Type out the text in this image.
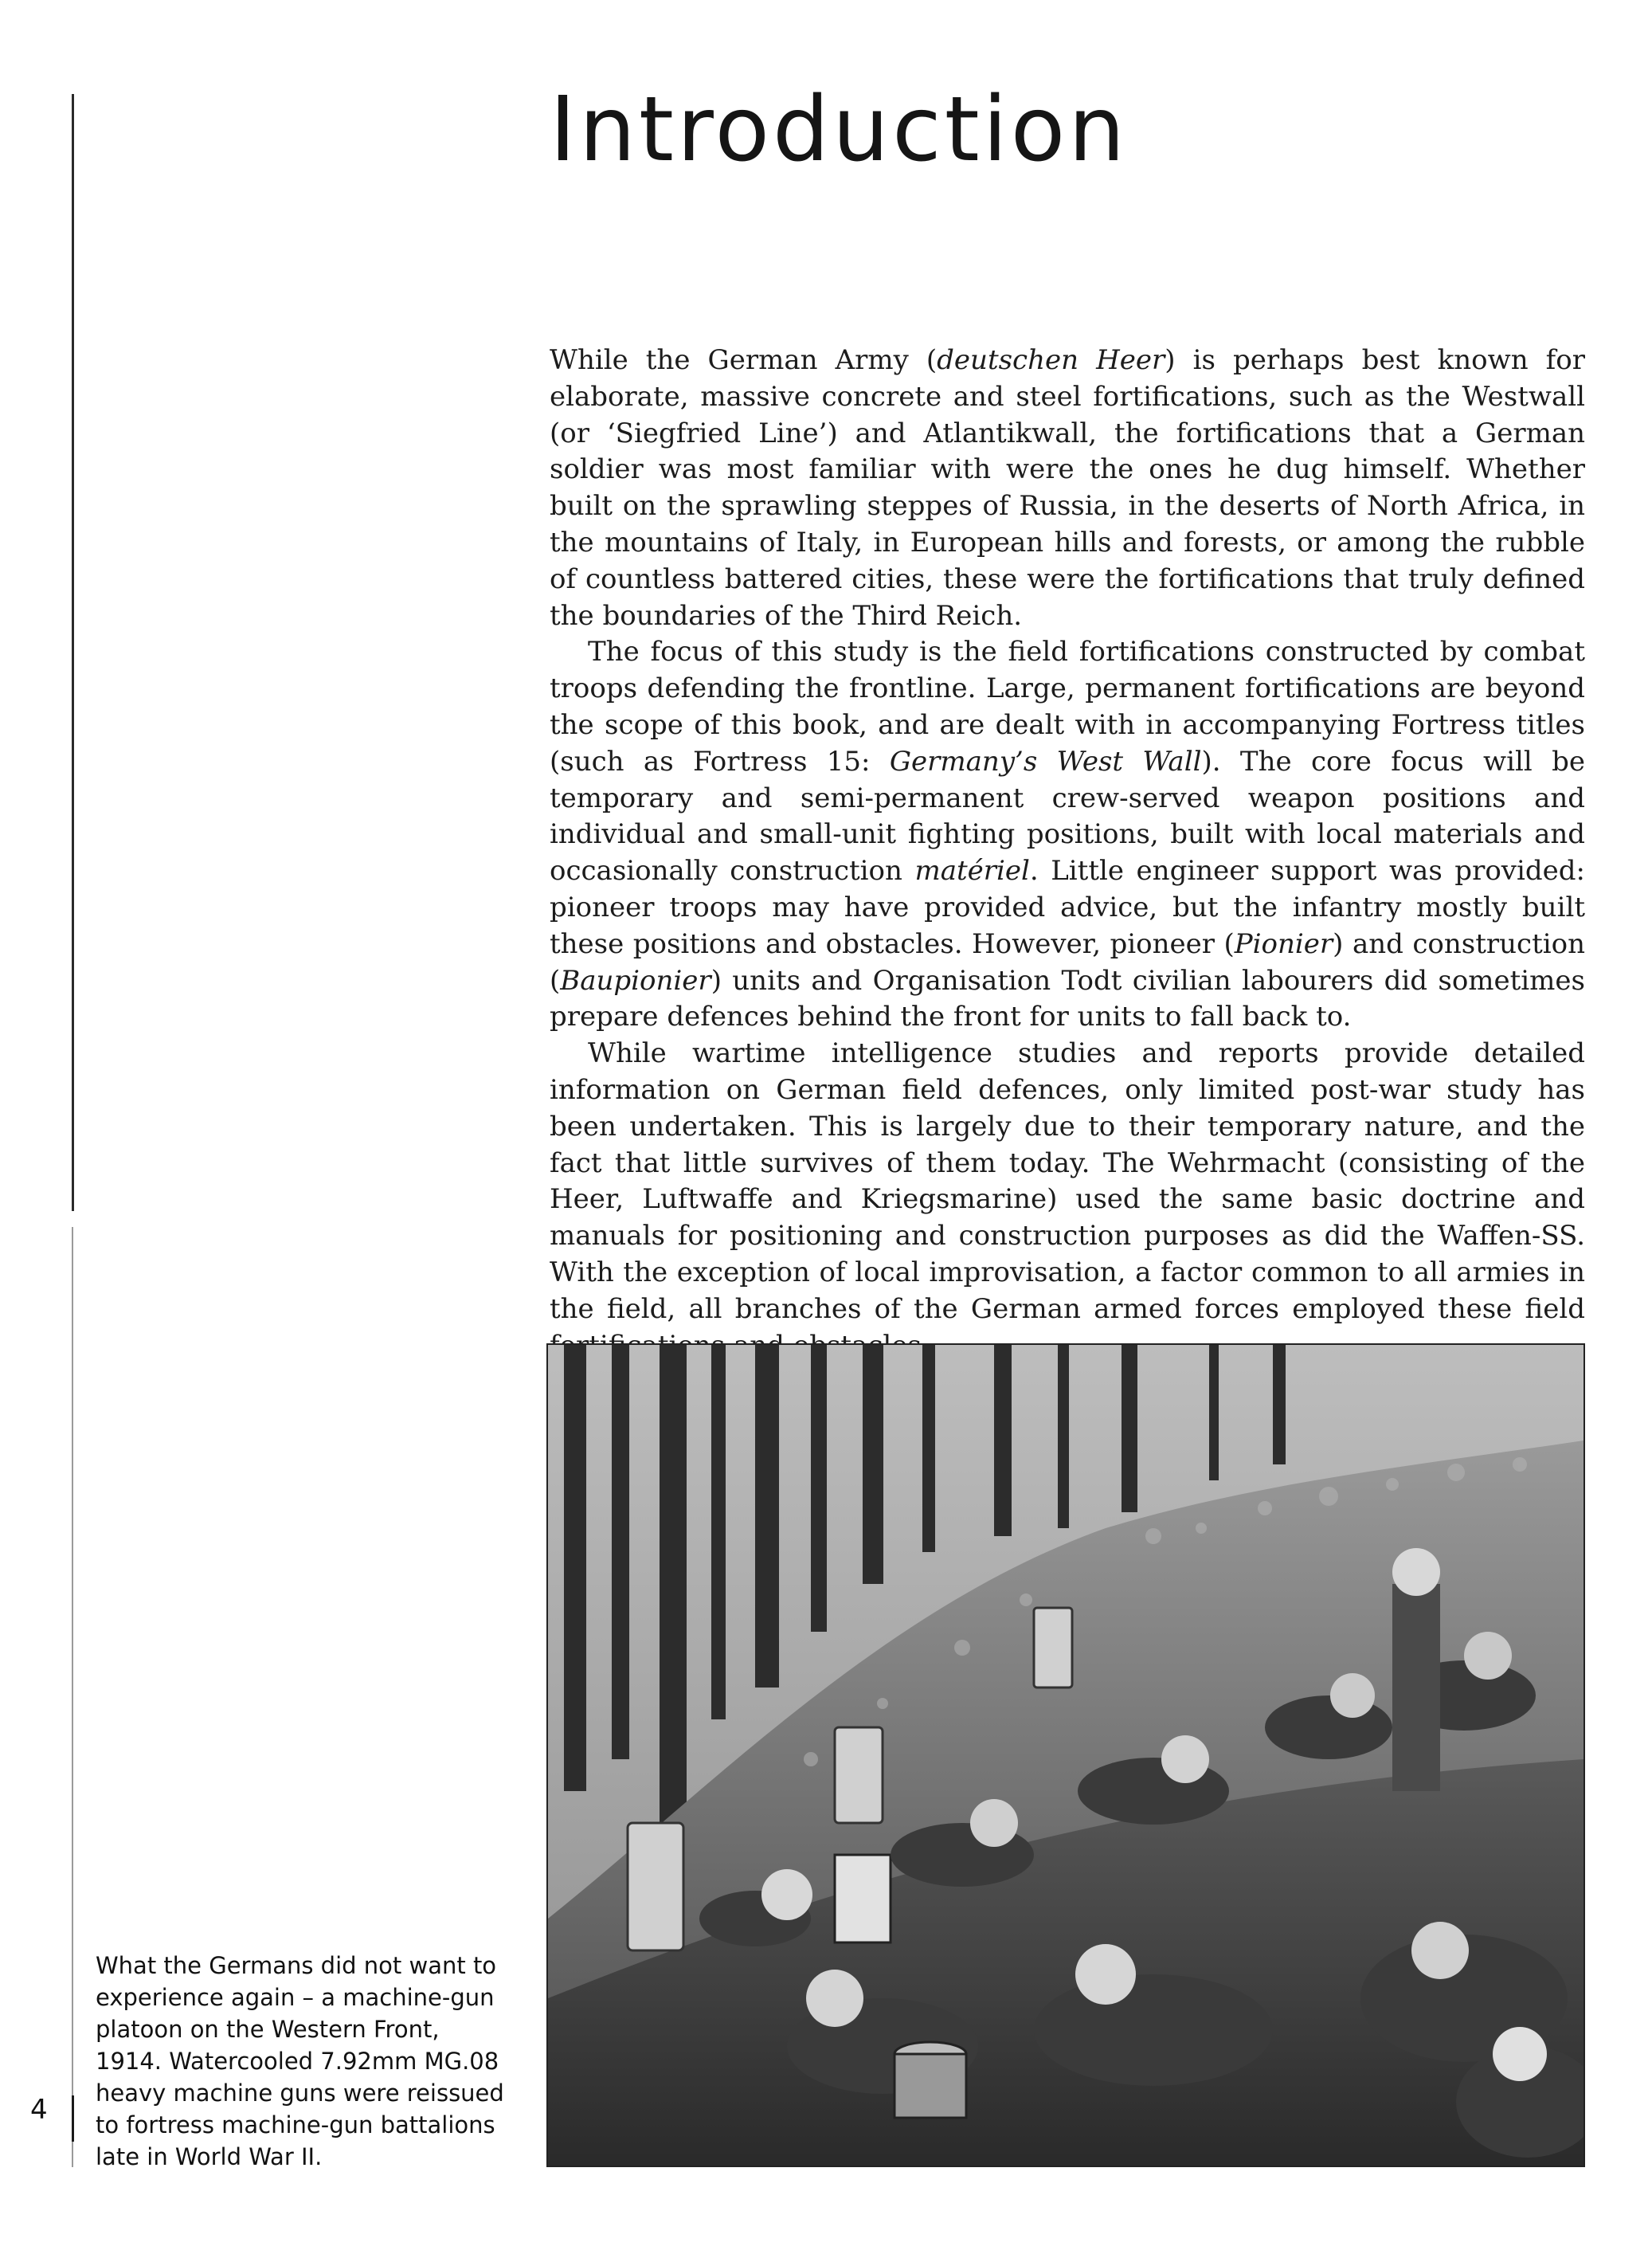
4
Introduction

While the German Army (deutschen Heer) is perhaps best known for elaborate, massive concrete and steel fortifications, such as the Westwall (or ‘Siegfried Line’) and Atlantikwall, the fortifications that a German soldier was most familiar with were the ones he dug himself. Whether built on the sprawling steppes of Russia, in the deserts of North Africa, in the mountains of Italy, in European hills and forests, or among the rubble of countless battered cities, these were the fortifications that truly defined the boundaries of the Third Reich.

The focus of this study is the field fortifications constructed by combat troops defending the frontline. Large, permanent fortifications are beyond the scope of this book, and are dealt with in accompanying Fortress titles (such as Fortress 15: Germany’s West Wall). The core focus will be temporary and semi-permanent crew-served weapon positions and individual and small-unit fighting positions, built with local materials and occasionally construction matériel. Little engineer support was provided: pioneer troops may have provided advice, but the infantry mostly built these positions and obstacles. However, pioneer (Pionier) and construction (Baupionier) units and Organisation Todt civilian labourers did sometimes prepare defences behind the front for units to fall back to.

While wartime intelligence studies and reports provide detailed information on German field defences, only limited post-war study has been undertaken. This is largely due to their temporary nature, and the fact that little survives of them today. The Wehrmacht (consisting of the Heer, Luftwaffe and Kriegsmarine) used the same basic doctrine and manuals for positioning and construction purposes as did the Waffen-SS. With the exception of local improvisation, a factor common to all armies in the field, all branches of the German armed forces employed these field

What the Germans did not want to
experience again – a machine-gun
platoon on the Western Front,
1914. Watercooled 7.92mm MG.08
heavy machine guns were reissued
to fortress machine-gun battalions
late in World War II.
